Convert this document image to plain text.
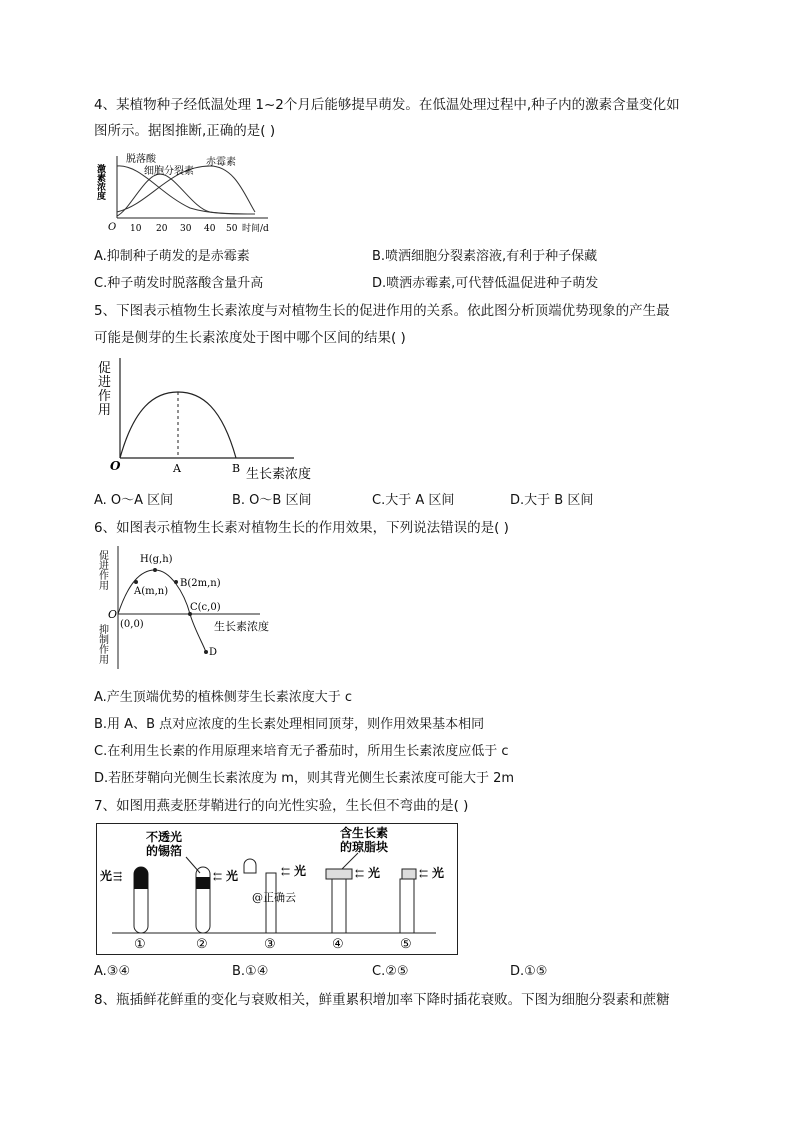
4、某植物种子经低温处理 1~2个月后能够提早萌发。在低温处理过程中,种子内的激素含量变化如
图所示。据图推断,正确的是( )
激素浓度
脱落酸
细胞分裂素
赤霉素
O 10 20 30 40 50 时间/d
A.抑制种子萌发的是赤霉素	B.喷洒细胞分裂素溶液,有利于种子保藏
C.种子萌发时脱落酸含量升高	D.喷洒赤霉素,可代替低温促进种子萌发
5、下图表示植物生长素浓度与对植物生长的促进作用的关系。依此图分析顶端优势现象的产生最
可能是侧芽的生长素浓度处于图中哪个区间的结果( )
促
进
作
用
O	A	B 生长素浓度
A. O～A 区间	B. O～B 区间	C.大于 A 区间	D.大于 B 区间
6、如图表示植物生长素对植物生长的作用效果，下列说法错误的是( )
促进作用
抑制作用
H(g,h)
A(m,n)
B(2m,n)
C(c,0)
O
(0,0)
D
生长素浓度
A.产生顶端优势的植株侧芽生长素浓度大于 c
B.用 A、B 点对应浓度的生长素处理相同顶芽，则作用效果基本相同
C.在利用生长素的作用原理来培育无子番茄时，所用生长素浓度应低于 c
D.若胚芽鞘向光侧生长素浓度为 m，则其背光侧生长素浓度可能大于 2m
7、如图用燕麦胚芽鞘进行的向光性实验，生长但不弯曲的是( )
不透光
的锡箔
含生长素
的琼脂块
光 ⇶	⇇ 光	⇇ 光
@正确云
⇇ 光	⇇ 光
①	②	③	④	⑤
A.③④	B.①④	C.②⑤	D.①⑤
8、瓶插鲜花鲜重的变化与衰败相关，鲜重累积增加率下降时插花衰败。下图为细胞分裂素和蔗糖
